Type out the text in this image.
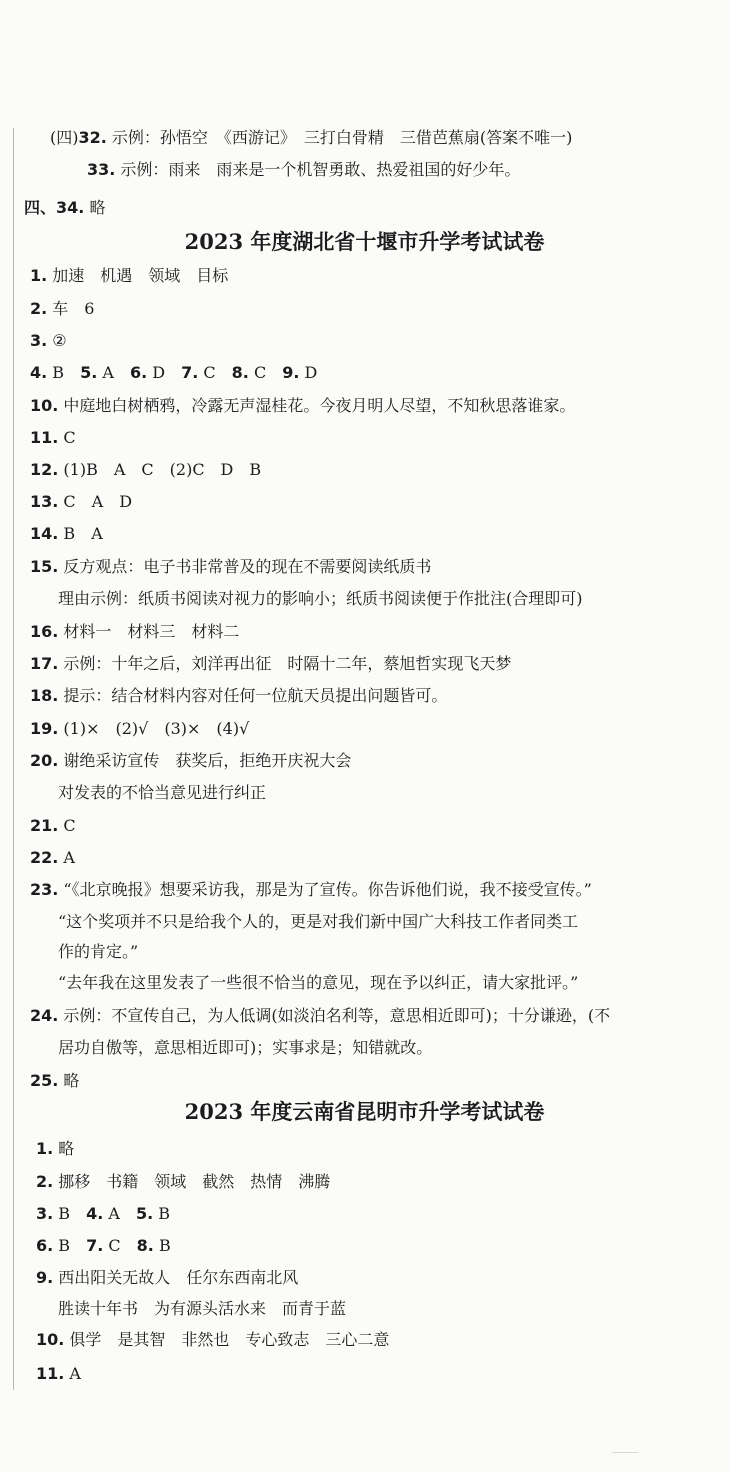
(四)32. 示例：孙悟空　《西游记》　三打白骨精　三借芭蕉扇(答案不唯一)
33. 示例：雨来　雨来是一个机智勇敢、热爱祖国的好少年。
四、34. 略
2023 年度湖北省十堰市升学考试试卷
1. 加速　机遇　领域　目标
2. 车　6
3. ②
4. B　5. A　6. D　7. C　8. C　9. D
10. 中庭地白树栖鸦，冷露无声湿桂花。今夜月明人尽望，不知秋思落谁家。
11. C
12. (1)B　A　C　(2)C　D　B
13. C　A　D
14. B　A
15. 反方观点：电子书非常普及的现在不需要阅读纸质书
理由示例：纸质书阅读对视力的影响小；纸质书阅读便于作批注(合理即可)
16. 材料一　材料三　材料二
17. 示例：十年之后，刘洋再出征　时隔十二年，蔡旭哲实现飞天梦
18. 提示：结合材料内容对任何一位航天员提出问题皆可。
19. (1)×　(2)√　(3)×　(4)√
20. 谢绝采访宣传　获奖后，拒绝开庆祝大会
对发表的不恰当意见进行纠正
21. C
22. A
23. “《北京晚报》想要采访我，那是为了宣传。你告诉他们说，我不接受宣传。”
“这个奖项并不只是给我个人的，更是对我们新中国广大科技工作者同类工
作的肯定。”
“去年我在这里发表了一些很不恰当的意见，现在予以纠正，请大家批评。”
24. 示例：不宣传自己，为人低调(如淡泊名利等，意思相近即可)；十分谦逊，(不
居功自傲等，意思相近即可)；实事求是；知错就改。
25. 略
2023 年度云南省昆明市升学考试试卷
1. 略
2. 挪移　书籍　领域　截然　热情　沸腾
3. B　4. A　5. B
6. B　7. C　8. B
9. 西出阳关无故人　任尔东西南北风
胜读十年书　为有源头活水来　而青于蓝
10. 俱学　是其智　非然也　专心致志　三心二意
11. A
